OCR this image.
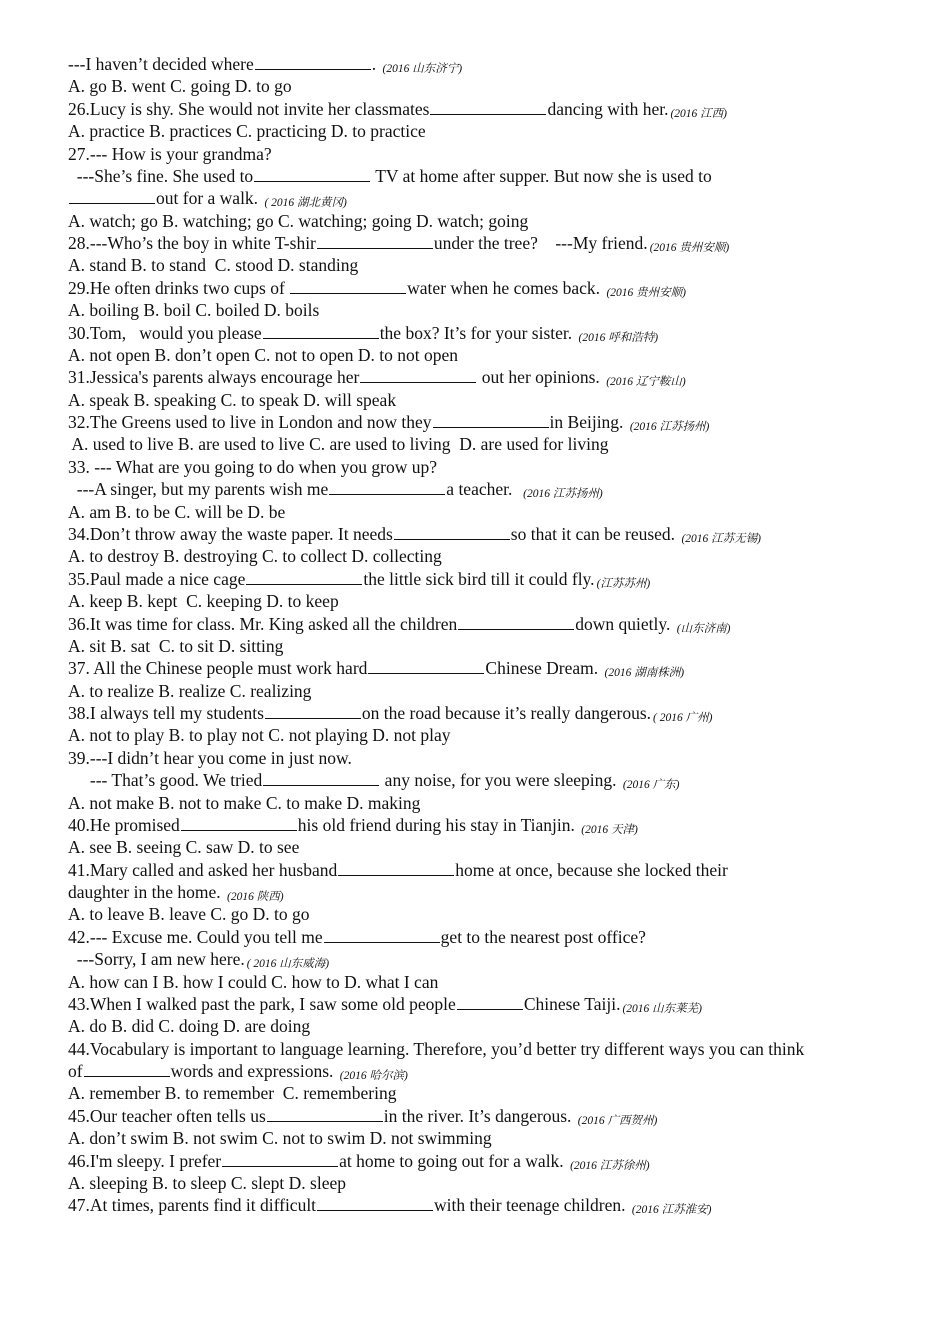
---I haven’t decided where	. (2016 山东济宁)
A. go B. went C. going D. to go
26.Lucy is shy. She would not invite her classmates	dancing with her. (2016 江西)
A. practice B. practices C. practicing D. to practice
27.--- How is your grandma?
---She’s fine. She used to	TV at home after supper. But now she is used to
out for a walk. ( 2016 湖北黄冈)
A. watch; go B. watching; go C. watching; going D. watch; going
28.---Who’s the boy in white T-shir	under the tree?    ---My friend. (2016 贵州安顺)
A. stand B. to stand  C. stood D. standing
29.He often drinks two cups of	water when he comes back. (2016 贵州安顺)
A. boiling B. boil C. boiled D. boils
30.Tom,   would you please	the box? It’s for your sister. (2016 呼和浩特)
A. not open B. don’t open C. not to open D. to not open
31.Jessica's parents always encourage her	out her opinions. (2016 辽宁鞍山)
A. speak B. speaking C. to speak D. will speak
32.The Greens used to live in London and now they	in Beijing. (2016 江苏扬州)
A. used to live B. are used to live C. are used to living  D. are used for living
33. --- What are you going to do when you grow up?
---A singer, but my parents wish me	a teacher.  (2016 江苏扬州)
A. am B. to be C. will be D. be
34.Don’t throw away the waste paper. It needs	so that it can be reused. (2016 江苏无锡)
A. to destroy B. destroying C. to collect D. collecting
35.Paul made a nice cage	the little sick bird till it could fly. (江苏苏州)
A. keep B. kept  C. keeping D. to keep
36.It was time for class. Mr. King asked all the children	down quietly. (山东济南)
A. sit B. sat  C. to sit D. sitting
37. All the Chinese people must work hard	Chinese Dream. (2016 湖南株洲)
A. to realize B. realize C. realizing
38.I always tell my students	on the road because it’s really dangerous. ( 2016 广州)
A. not to play B. to play not C. not playing D. not play
39.---I didn’t hear you come in just now.
--- That’s good. We tried	any noise, for you were sleeping. (2016 广东)
A. not make B. not to make C. to make D. making
40.He promised	his old friend during his stay in Tianjin. (2016 天津)
A. see B. seeing C. saw D. to see
41.Mary called and asked her husband	home at once, because she locked their
daughter in the home. (2016 陕西)
A. to leave B. leave C. go D. to go
42.--- Excuse me. Could you tell me	get to the nearest post office?
---Sorry, I am new here. ( 2016 山东威海)
A. how can I B. how I could C. how to D. what I can
43.When I walked past the park, I saw some old people	Chinese Taiji. (2016 山东莱芜)
A. do B. did C. doing D. are doing
44.Vocabulary is important to language learning. Therefore, you’d better try different ways you can think
of	words and expressions. (2016 哈尔滨)
A. remember B. to remember  C. remembering
45.Our teacher often tells us	in the river. It’s dangerous. (2016 广西贺州)
A. don’t swim B. not swim C. not to swim D. not swimming
46.I'm sleepy. I prefer	at home to going out for a walk. (2016 江苏徐州)
A. sleeping B. to sleep C. slept D. sleep
47.At times, parents find it difficult	with their teenage children. (2016 江苏淮安)
